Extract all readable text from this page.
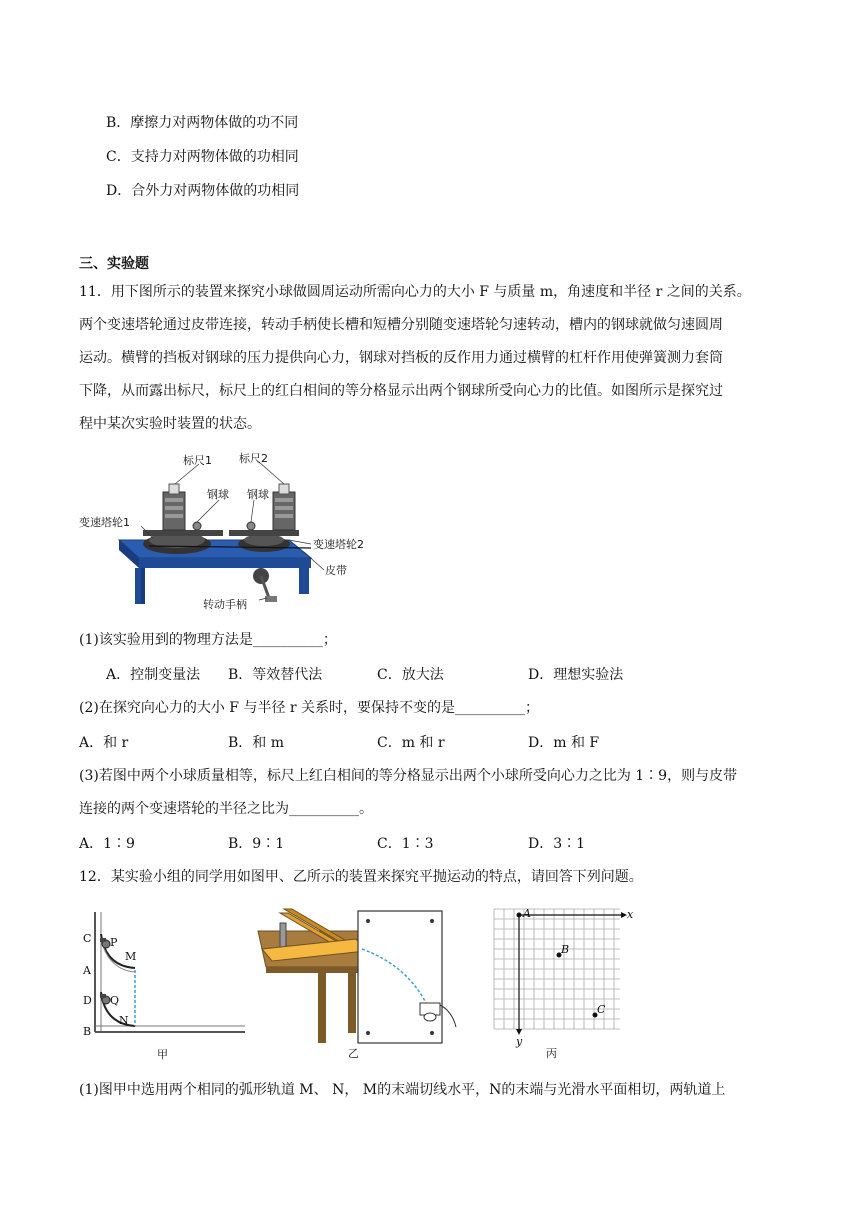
B．摩擦力对两物体做的功不同
C．支持力对两物体做的功相同
D．合外力对两物体做的功相同
三、实验题
11．用下图所示的装置来探究小球做圆周运动所需向心力的大小 F 与质量 m，角速度和半径 r 之间的关系。
两个变速塔轮通过皮带连接，转动手柄使长槽和短槽分别随变速塔轮匀速转动，槽内的钢球就做匀速圆周
运动。横臂的挡板对钢球的压力提供向心力，钢球对挡板的反作用力通过横臂的杠杆作用使弹簧测力套筒
下降，从而露出标尺，标尺上的红白相间的等分格显示出两个钢球所受向心力的比值。如图所示是探究过
程中某次实验时装置的状态。
标尺1 标尺2
钢球 钢球
变速塔轮1
变速塔轮2
皮带
转动手柄
(1)该实验用到的物理方法是__________；
A．控制变量法 B．等效替代法	C．放大法	D．理想实验法
(2)在探究向心力的大小 F 与半径 r 关系时，要保持不变的是__________；
A．和 r	B．和 m	C．m 和 r	D．m 和 F
(3)若图中两个小球质量相等，标尺上红白相间的等分格显示出两个小球所受向心力之比为 1∶9，则与皮带
连接的两个变速塔轮的半径之比为__________。
A．1∶9	B．9∶1	C．1∶3	D．3∶1
12．某实验小组的同学用如图甲、乙所示的装置来探究平抛运动的特点，请回答下列问题。
C P
M
A
D Q
N
B
甲	乙
A
B
C
x
y
丙
(1)图甲中选用两个相同的弧形轨道 M、 N， M的末端切线水平，N的末端与光滑水平面相切，两轨道上
